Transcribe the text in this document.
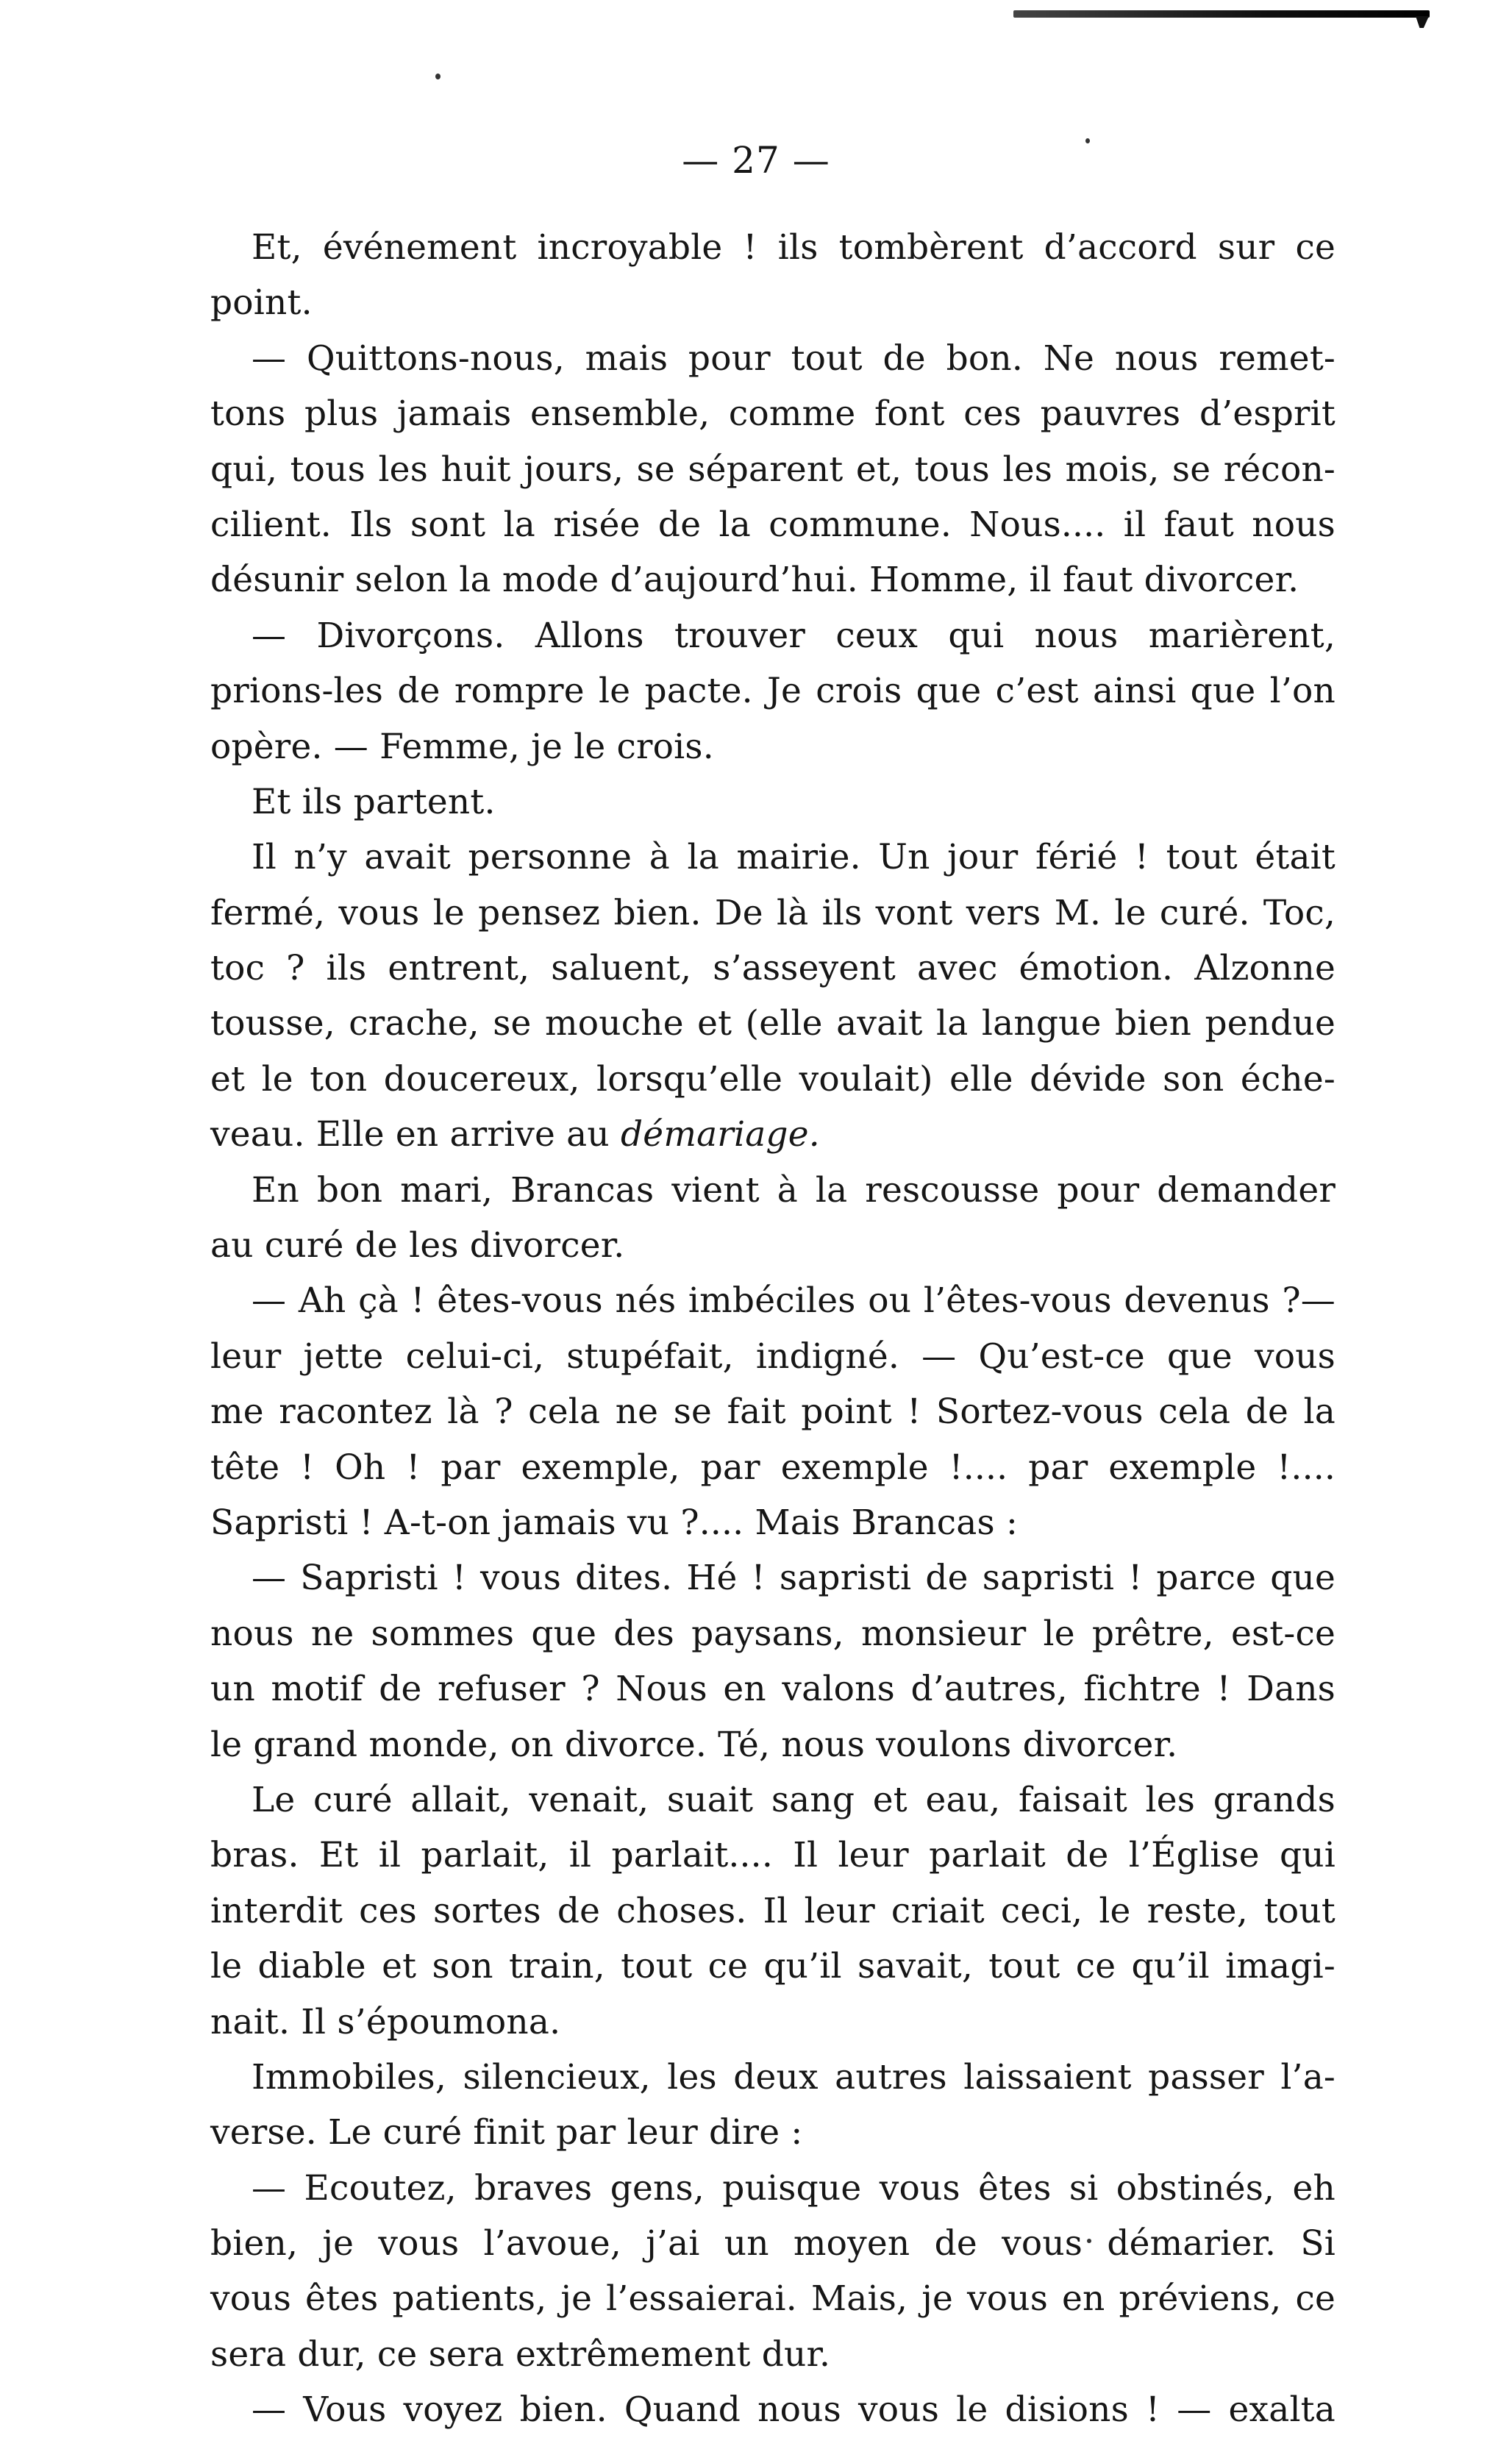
— 27 —
Et, événement incroyable ! ils tombèrent d’accord sur ce
point.
— Quittons-nous, mais pour tout de bon. Ne nous remet-
tons plus jamais ensemble, comme font ces pauvres d’esprit
qui, tous les huit jours, se séparent et, tous les mois, se récon-
cilient. Ils sont la risée de la commune. Nous.... il faut nous
désunir selon la mode d’aujourd’hui. Homme, il faut divorcer.
— Divorçons. Allons trouver ceux qui nous marièrent,
prions-les de rompre le pacte. Je crois que c’est ainsi que l’on
opère. — Femme, je le crois.
Et ils partent.
Il n’y avait personne à la mairie. Un jour férié ! tout était
fermé, vous le pensez bien. De là ils vont vers M. le curé. Toc,
toc ? ils entrent, saluent, s’asseyent avec émotion. Alzonne
tousse, crache, se mouche et (elle avait la langue bien pendue
et le ton doucereux, lorsqu’elle voulait) elle dévide son éche-
veau. Elle en arrive au démariage.
En bon mari, Brancas vient à la rescousse pour demander
au curé de les divorcer.
— Ah çà ! êtes-vous nés imbéciles ou l’êtes-vous devenus ?—
leur jette celui-ci, stupéfait, indigné. — Qu’est-ce que vous
me racontez là ? cela ne se fait point ! Sortez-vous cela de la
tête ! Oh ! par exemple, par exemple !.... par exemple !....
Sapristi ! A-t-on jamais vu ?.... Mais Brancas :
— Sapristi ! vous dites. Hé ! sapristi de sapristi ! parce que
nous ne sommes que des paysans, monsieur le prêtre, est-ce
un motif de refuser ? Nous en valons d’autres, fichtre ! Dans
le grand monde, on divorce. Té, nous voulons divorcer.
Le curé allait, venait, suait sang et eau, faisait les grands
bras. Et il parlait, il parlait.... Il leur parlait de l’Église qui
interdit ces sortes de choses. Il leur criait ceci, le reste, tout
le diable et son train, tout ce qu’il savait, tout ce qu’il imagi-
nait. Il s’époumona.
Immobiles, silencieux, les deux autres laissaient passer l’a-
verse. Le curé finit par leur dire :
— Ecoutez, braves gens, puisque vous êtes si obstinés, eh
bien, je vous l’avoue, j’ai un moyen de vous démarier. Si
vous êtes patients, je l’essaierai. Mais, je vous en préviens, ce
sera dur, ce sera extrêmement dur.
— Vous voyez bien. Quand nous vous le disions ! — exalta
